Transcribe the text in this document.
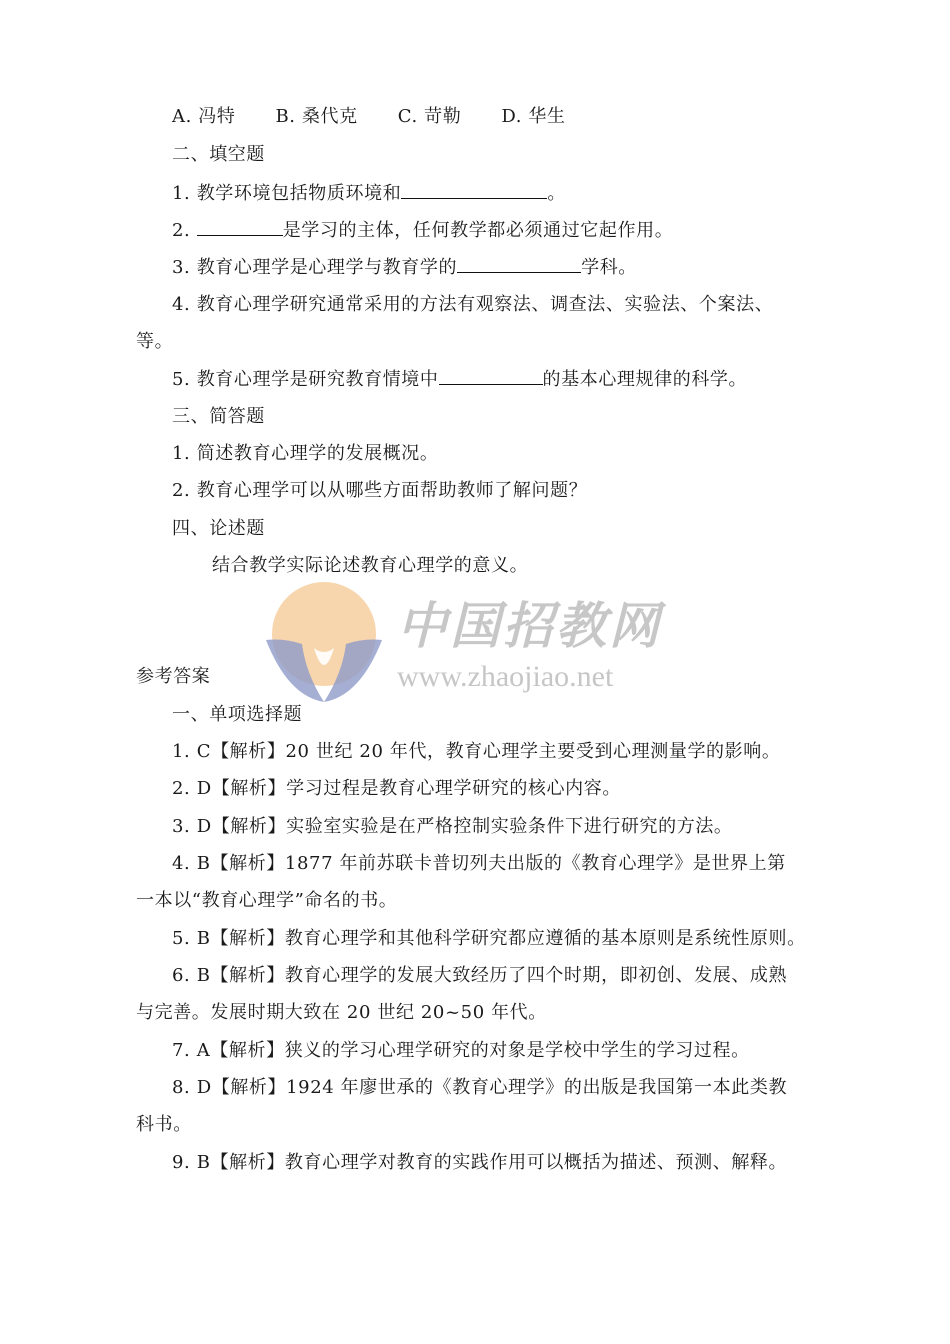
A. 冯特 B. 桑代克 C. 苛勒 D. 华生

二、填空题

1. 教学环境包括物质环境和	。

2.	是学习的主体，任何教学都必须通过它起作用。

3. 教育心理学是心理学与教育学的	学科。

4. 教育心理学研究通常采用的方法有观察法、调查法、实验法、个案法、

等。

5. 教育心理学是研究教育情境中	的基本心理规律的科学。

三、简答题

1. 简述教育心理学的发展概况。

2. 教育心理学可以从哪些方面帮助教师了解问题？

四、论述题

结合教学实际论述教育心理学的意义。

中国招教网
www.zhaojiao.net

参考答案

一、单项选择题

1. C【解析】20 世纪 20 年代，教育心理学主要受到心理测量学的影响。

2. D【解析】学习过程是教育心理学研究的核心内容。

3. D【解析】实验室实验是在严格控制实验条件下进行研究的方法。

4. B【解析】1877 年前苏联卡普切列夫出版的《教育心理学》是世界上第

一本以“教育心理学”命名的书。

5. B【解析】教育心理学和其他科学研究都应遵循的基本原则是系统性原则。

6. B【解析】教育心理学的发展大致经历了四个时期，即初创、发展、成熟

与完善。发展时期大致在 20 世纪 20~50 年代。

7. A【解析】狭义的学习心理学研究的对象是学校中学生的学习过程。

8. D【解析】1924 年廖世承的《教育心理学》的出版是我国第一本此类教

科书。

9. B【解析】教育心理学对教育的实践作用可以概括为描述、预测、解释。
